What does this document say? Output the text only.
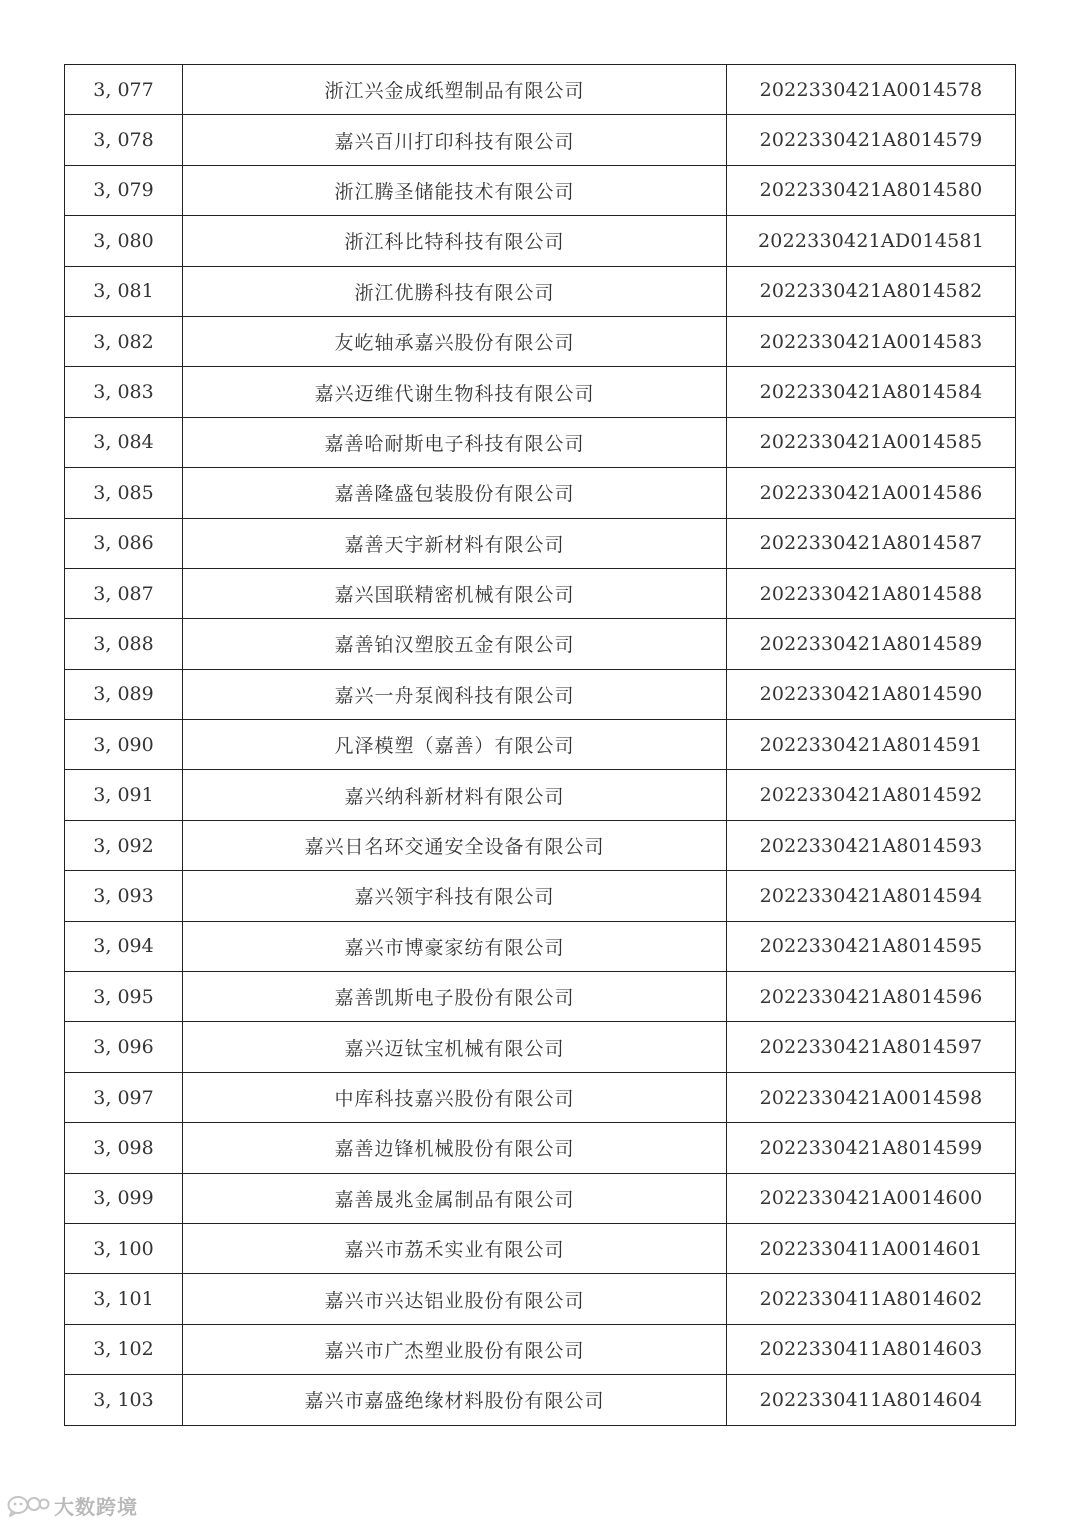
3, 077	浙江兴金成纸塑制品有限公司	2022330421A0014578
3, 078	嘉兴百川打印科技有限公司	2022330421A8014579
3, 079	浙江腾圣储能技术有限公司	2022330421A8014580
3, 080	浙江科比特科技有限公司	2022330421AD014581
3, 081	浙江优勝科技有限公司	2022330421A8014582
3, 082	友屹轴承嘉兴股份有限公司	2022330421A0014583
3, 083	嘉兴迈维代谢生物科技有限公司	2022330421A8014584
3, 084	嘉善哈耐斯电子科技有限公司	2022330421A0014585
3, 085	嘉善隆盛包装股份有限公司	2022330421A0014586
3, 086	嘉善天宇新材料有限公司	2022330421A8014587
3, 087	嘉兴国联精密机械有限公司	2022330421A8014588
3, 088	嘉善铂汉塑胶五金有限公司	2022330421A8014589
3, 089	嘉兴一舟泵阀科技有限公司	2022330421A8014590
3, 090	凡泽模塑（嘉善）有限公司	2022330421A8014591
3, 091	嘉兴纳科新材料有限公司	2022330421A8014592
3, 092	嘉兴日名环交通安全设备有限公司	2022330421A8014593
3, 093	嘉兴领宇科技有限公司	2022330421A8014594
3, 094	嘉兴市博豪家纺有限公司	2022330421A8014595
3, 095	嘉善凯斯电子股份有限公司	2022330421A8014596
3, 096	嘉兴迈钛宝机械有限公司	2022330421A8014597
3, 097	中库科技嘉兴股份有限公司	2022330421A0014598
3, 098	嘉善边锋机械股份有限公司	2022330421A8014599
3, 099	嘉善晟兆金属制品有限公司	2022330421A0014600
3, 100	嘉兴市荔禾实业有限公司	2022330411A0014601
3, 101	嘉兴市兴达铝业股份有限公司	2022330411A8014602
3, 102	嘉兴市广杰塑业股份有限公司	2022330411A8014603
3, 103	嘉兴市嘉盛绝缘材料股份有限公司	2022330411A8014604
大数跨境
